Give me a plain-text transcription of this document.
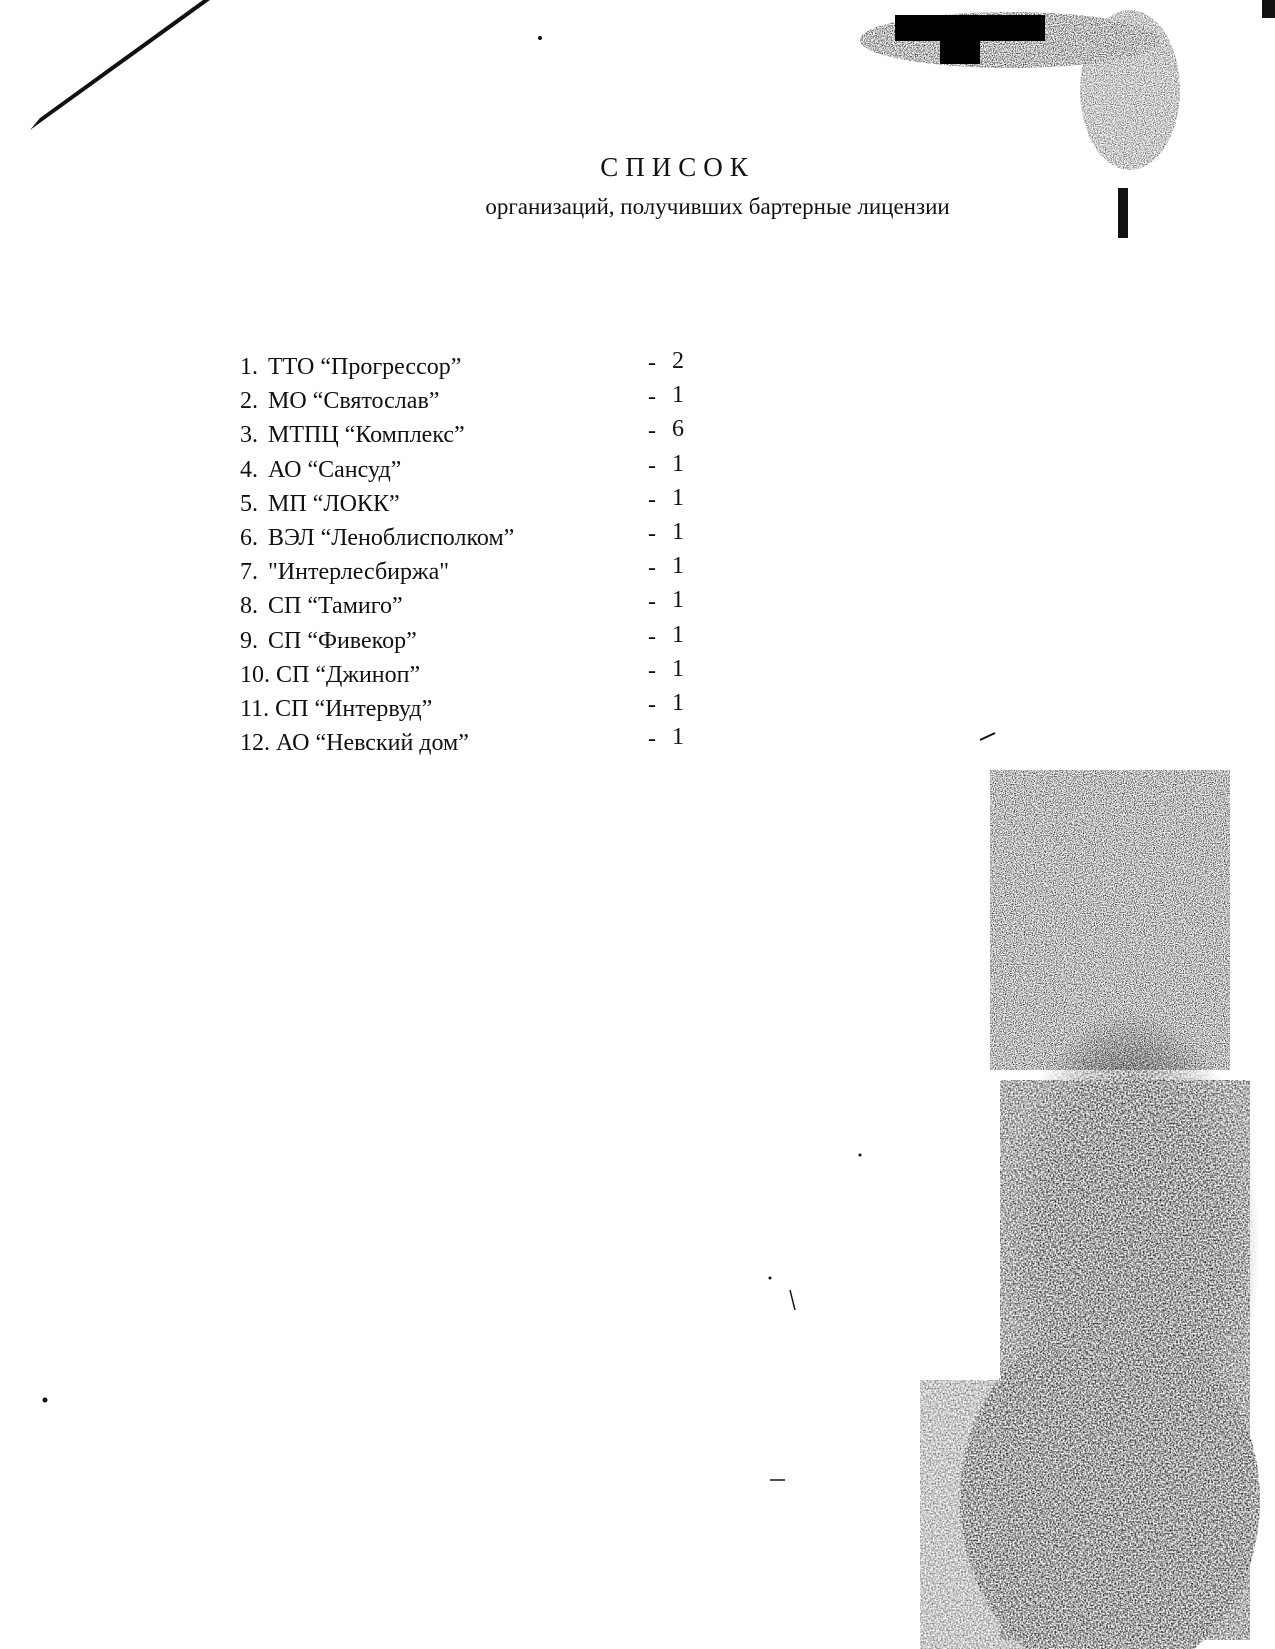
СПИСОК
организаций, получивших бартерные лицензии
1. ТТО “Прогрессор”	- 2
2. МО “Святослав”	- 1
3. МТПЦ “Комплекс”	- 6
4. АО “Сансуд”	- 1
5. МП “ЛОКК”	- 1
6. ВЭЛ “Леноблисполком”	- 1
7. "Интерлесбиржа"	- 1
8. СП “Тамиго”	- 1
9. СП “Фивекор”	- 1
10. СП “Джиноп”	- 1
11. СП “Интервуд”	- 1
12. АО “Невский дом”	- 1
